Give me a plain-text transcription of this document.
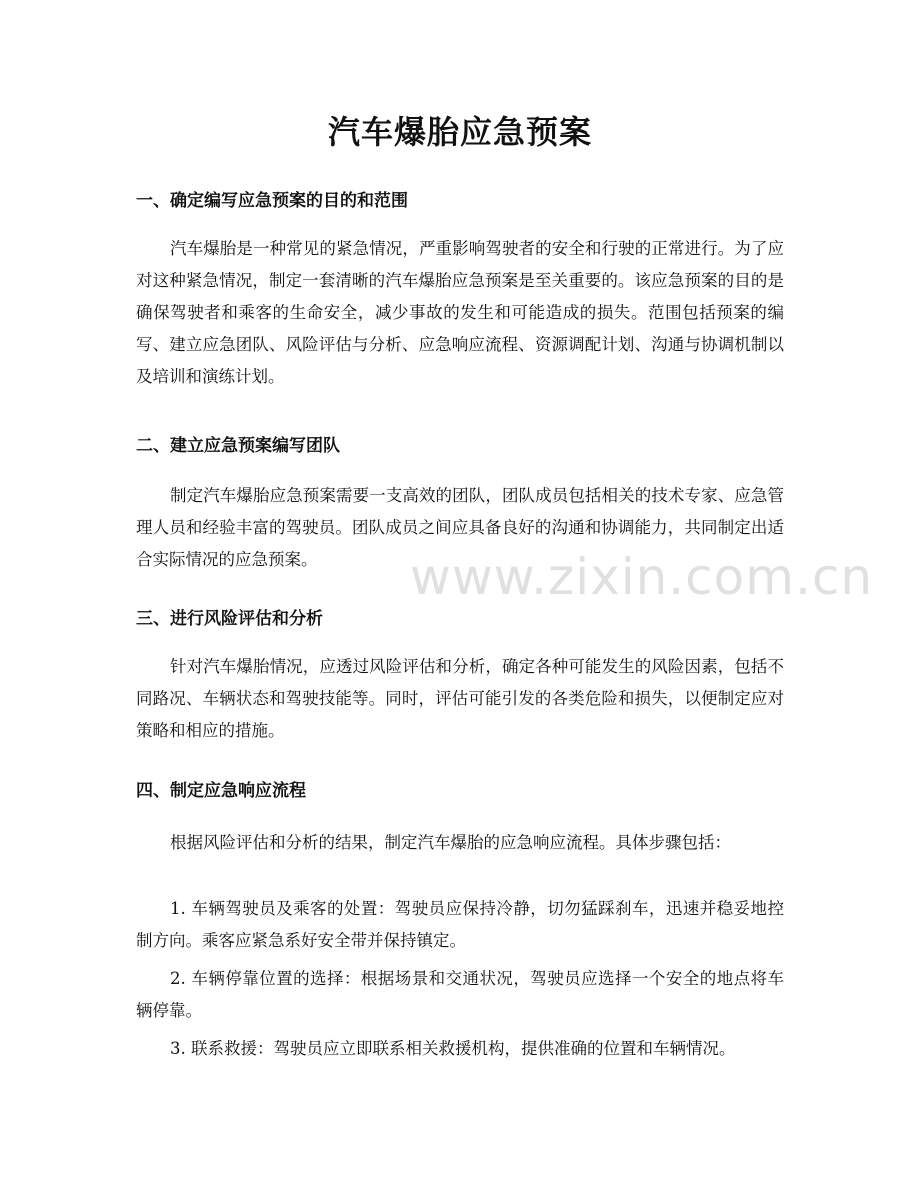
汽车爆胎应急预案
一、确定编写应急预案的目的和范围

汽车爆胎是一种常见的紧急情况，严重影响驾驶者的安全和行驶的正常进行。为了应对这种紧急情况，制定一套清晰的汽车爆胎应急预案是至关重要的。该应急预案的目的是确保驾驶者和乘客的生命安全，减少事故的发生和可能造成的损失。范围包括预案的编写、建立应急团队、风险评估与分析、应急响应流程、资源调配计划、沟通与协调机制以及培训和演练计划。

二、建立应急预案编写团队

制定汽车爆胎应急预案需要一支高效的团队，团队成员包括相关的技术专家、应急管理人员和经验丰富的驾驶员。团队成员之间应具备良好的沟通和协调能力，共同制定出适合实际情况的应急预案。

三、进行风险评估和分析

针对汽车爆胎情况，应透过风险评估和分析，确定各种可能发生的风险因素，包括不同路况、车辆状态和驾驶技能等。同时，评估可能引发的各类危险和损失，以便制定应对策略和相应的措施。

四、制定应急响应流程

根据风险评估和分析的结果，制定汽车爆胎的应急响应流程。具体步骤包括：

1. 车辆驾驶员及乘客的处置：驾驶员应保持冷静，切勿猛踩刹车，迅速并稳妥地控制方向。乘客应紧急系好安全带并保持镇定。

2. 车辆停靠位置的选择：根据场景和交通状况，驾驶员应选择一个安全的地点将车辆停靠。

3. 联系救援：驾驶员应立即联系相关救援机构，提供准确的位置和车辆情况。

www.zixin.com.cn
